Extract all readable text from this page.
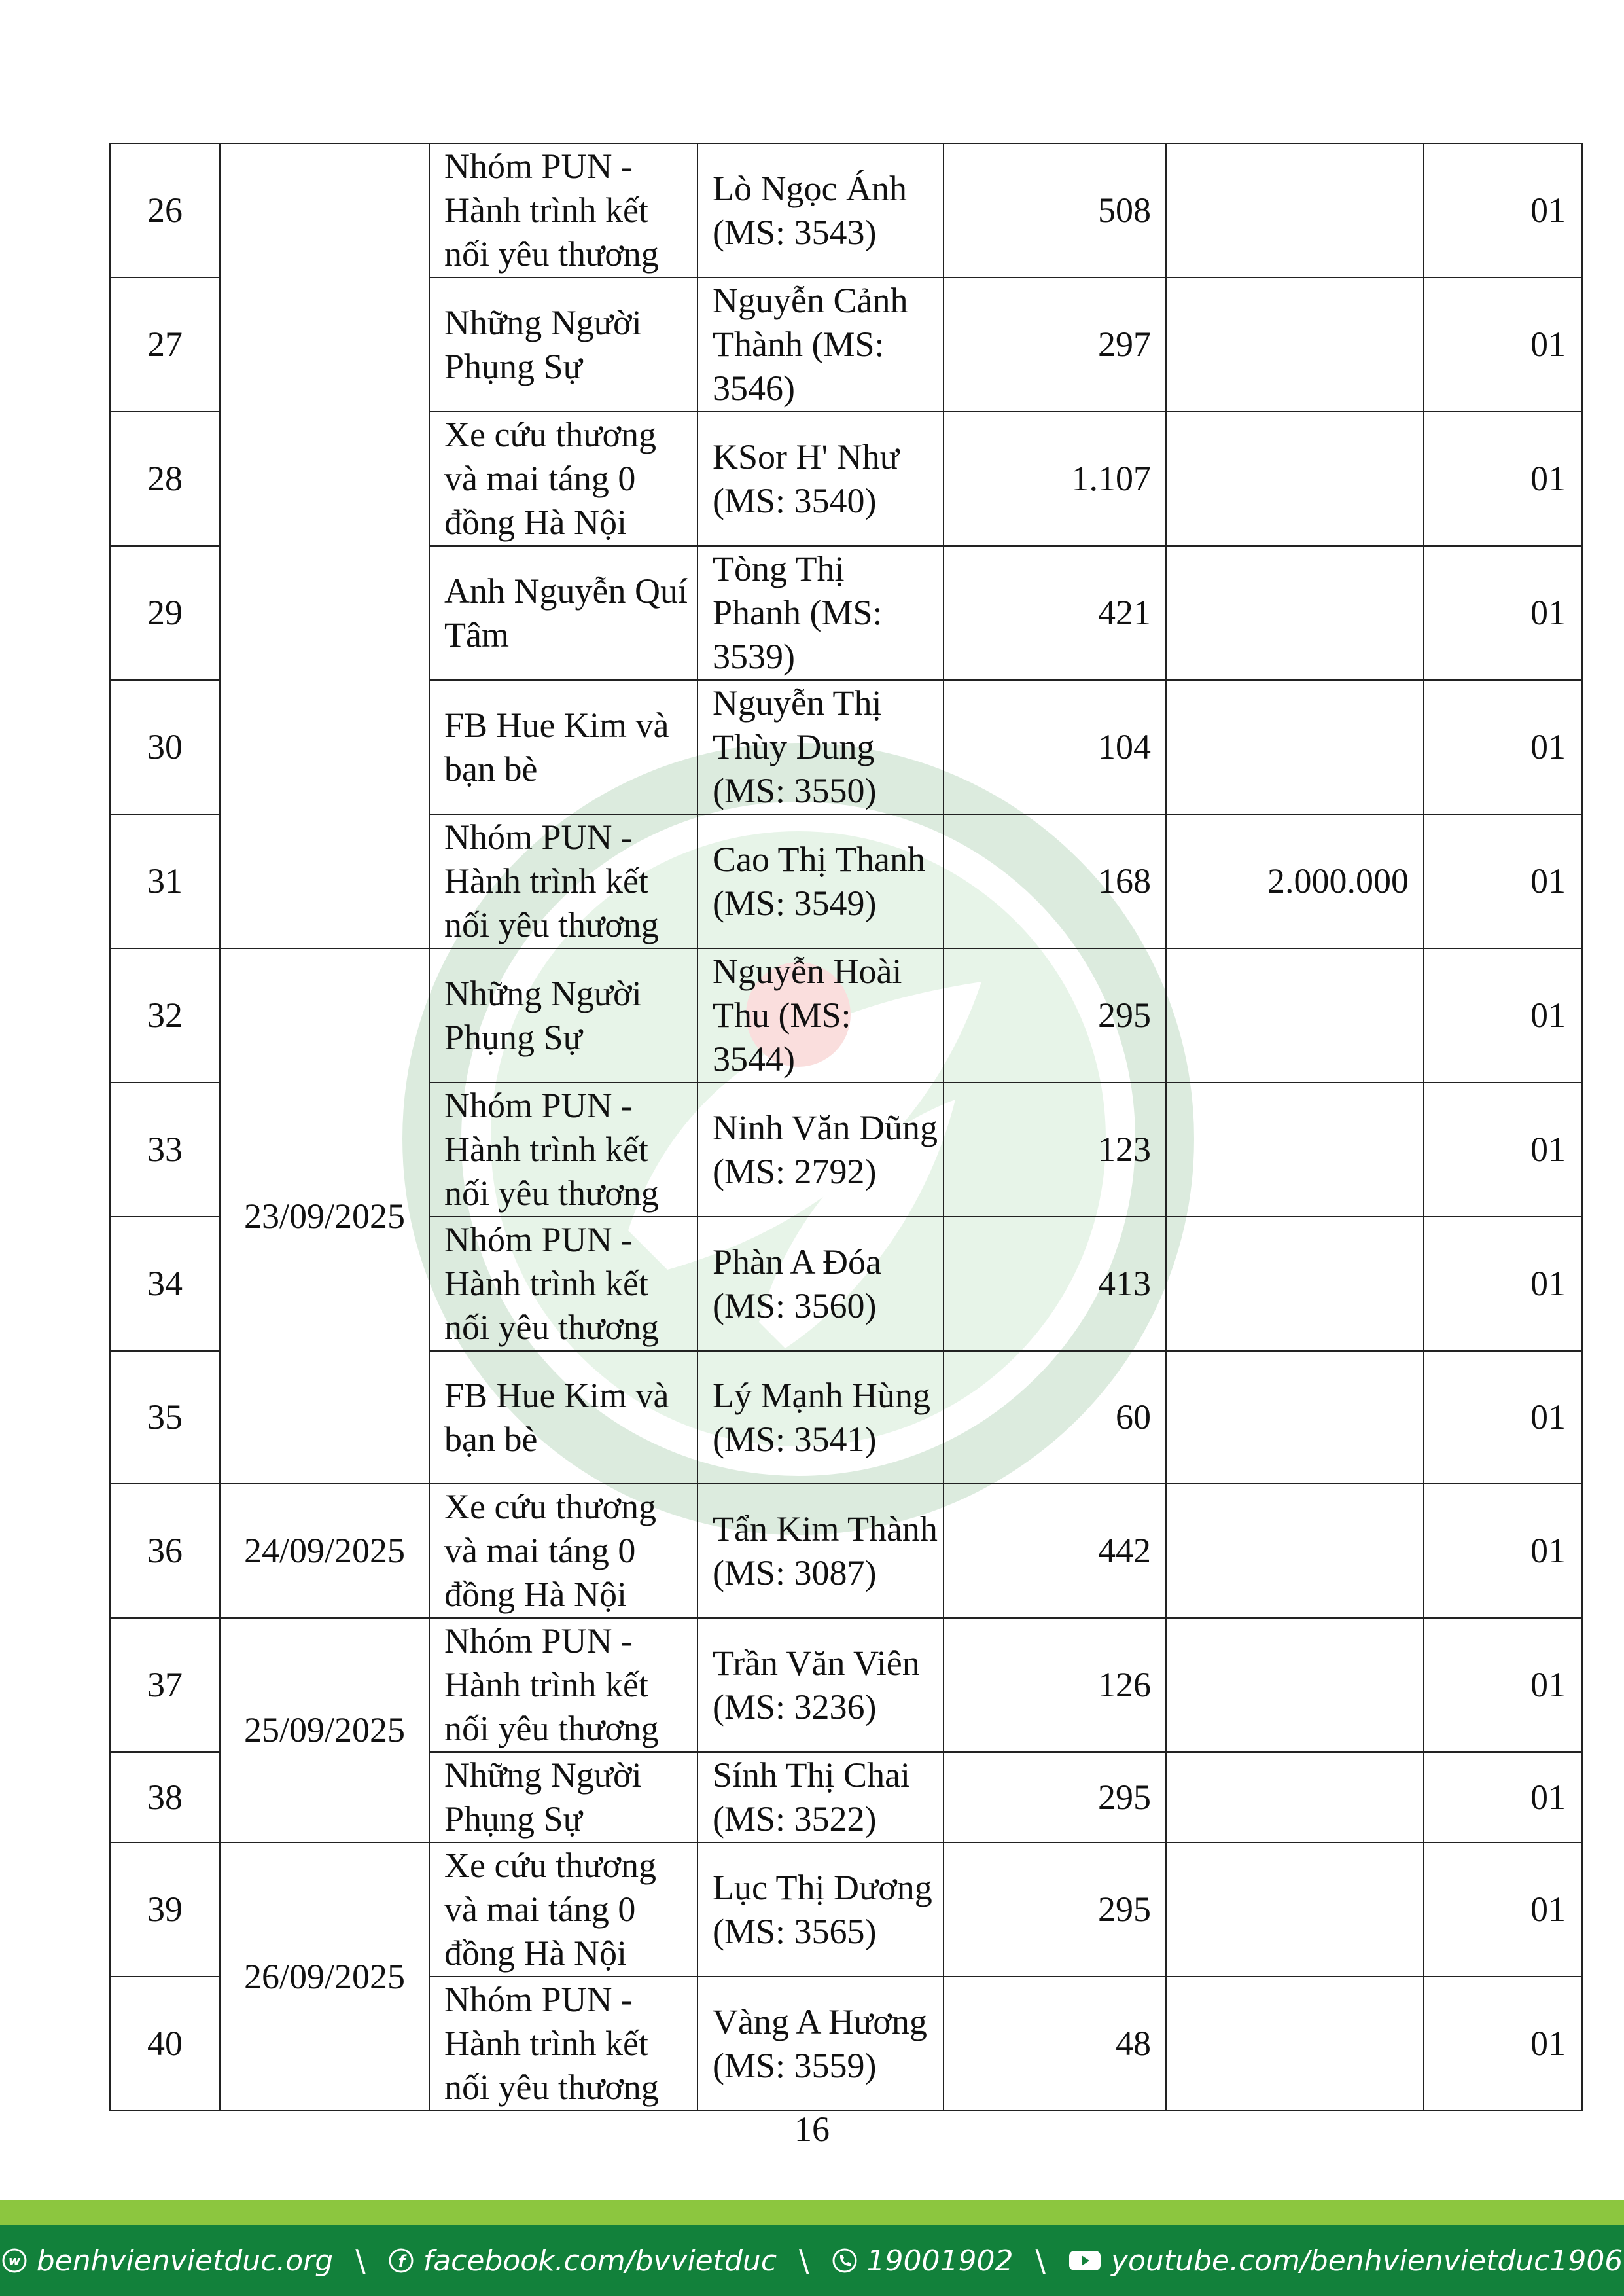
26		Nhóm PUN - Hành trình kết nối yêu thương	Lò Ngọc Ánh (MS: 3543)	508		01
27		Những Người Phụng Sự	Nguyễn Cảnh Thành (MS: 3546)	297		01
28		Xe cứu thương và mai táng 0 đồng Hà Nội	KSor H' Như (MS: 3540)	1.107		01
29		Anh Nguyễn Quí Tâm	Tòng Thị Phanh (MS: 3539)	421		01
30		FB Hue Kim và bạn bè	Nguyễn Thị Thùy Dung (MS: 3550)	104		01
31		Nhóm PUN - Hành trình kết nối yêu thương	Cao Thị Thanh (MS: 3549)	168	2.000.000	01
32	23/09/2025	Những Người Phụng Sự	Nguyễn Hoài Thu (MS: 3544)	295		01
33		Nhóm PUN - Hành trình kết nối yêu thương	Ninh Văn Dũng (MS: 2792)	123		01
34		Nhóm PUN - Hành trình kết nối yêu thương	Phàn A Đóa (MS: 3560)	413		01
35		FB Hue Kim và bạn bè	Lý Mạnh Hùng (MS: 3541)	60		01
36	24/09/2025	Xe cứu thương và mai táng 0 đồng Hà Nội	Tẩn Kim Thành (MS: 3087)	442		01
37	25/09/2025	Nhóm PUN - Hành trình kết nối yêu thương	Trần Văn Viên (MS: 3236)	126		01
38		Những Người Phụng Sự	Sính Thị Chai (MS: 3522)	295		01
39	26/09/2025	Xe cứu thương và mai táng 0 đồng Hà Nội	Lục Thị Dương (MS: 3565)	295		01
40		Nhóm PUN - Hành trình kết nối yêu thương	Vàng A Hương (MS: 3559)	48		01
16
w benhvienvietduc.org \ f facebook.com/bvvietduc \ 19001902 \ youtube.com/benhvienvietduc1906
